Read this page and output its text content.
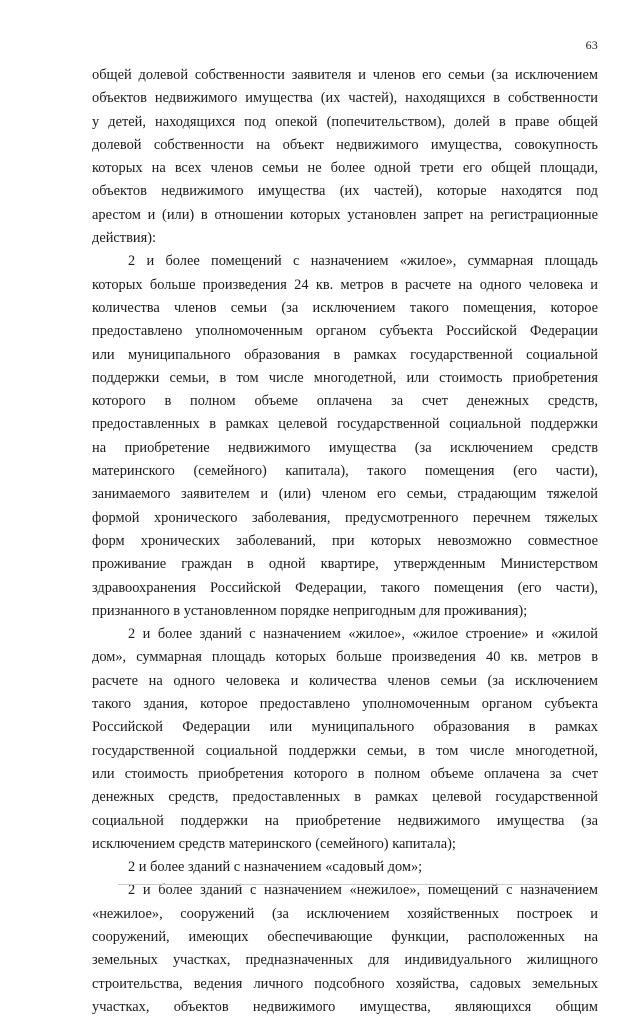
63
общей долевой собственности заявителя и членов его семьи (за исключением
объектов недвижимого имущества (их частей), находящихся в собственности
у детей, находящихся под опекой (попечительством), долей в праве общей
долевой собственности на объект недвижимого имущества, совокупность
которых на всех членов семьи не более одной трети его общей площади,
объектов недвижимого имущества (их частей), которые находятся под
арестом и (или) в отношении которых установлен запрет на регистрационные
действия):
2 и более помещений с назначением «жилое», суммарная площадь
которых больше произведения 24 кв. метров в расчете на одного человека и
количества членов семьи (за исключением такого помещения, которое
предоставлено уполномоченным органом субъекта Российской Федерации
или муниципального образования в рамках государственной социальной
поддержки семьи, в том числе многодетной, или стоимость приобретения
которого в полном объеме оплачена за счет денежных средств,
предоставленных в рамках целевой государственной социальной поддержки
на приобретение недвижимого имущества (за исключением средств
материнского (семейного) капитала), такого помещения (его части),
занимаемого заявителем и (или) членом его семьи, страдающим тяжелой
формой хронического заболевания, предусмотренного перечнем тяжелых
форм хронических заболеваний, при которых невозможно совместное
проживание граждан в одной квартире, утвержденным Министерством
здравоохранения Российской Федерации, такого помещения (его части),
признанного в установленном порядке непригодным для проживания);
2 и более зданий с назначением «жилое», «жилое строение» и «жилой
дом», суммарная площадь которых больше произведения 40 кв. метров в
расчете на одного человека и количества членов семьи (за исключением
такого здания, которое предоставлено уполномоченным органом субъекта
Российской Федерации или муниципального образования в рамках
государственной социальной поддержки семьи, в том числе многодетной,
или стоимость приобретения которого в полном объеме оплачена за счет
денежных средств, предоставленных в рамках целевой государственной
социальной поддержки на приобретение недвижимого имущества (за
исключением средств материнского (семейного) капитала);
2 и более зданий с назначением «садовый дом»;
2 и более зданий с назначением «нежилое», помещений с назначением
«нежилое», сооружений (за исключением хозяйственных построек и
сооружений, имеющих обеспечивающие функции, расположенных на
земельных участках, предназначенных для индивидуального жилищного
строительства, ведения личного подсобного хозяйства, садовых земельных
участках, объектов недвижимого имущества, являющихся общим
